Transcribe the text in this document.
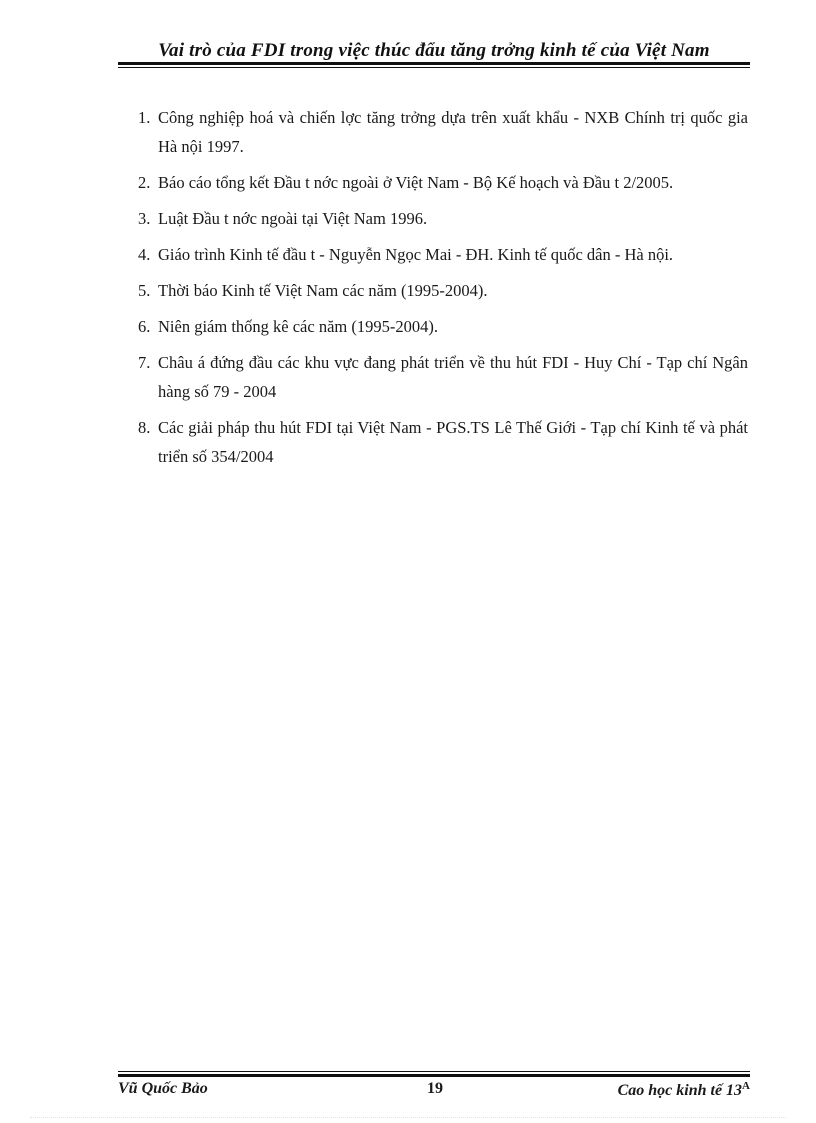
Vai trò của FDI trong việc thúc đẩu tăng trởng kinh tế của Việt Nam
1. Công nghiệp hoá và chiến lợc tăng trởng dựa trên xuất khẩu - NXB Chính trị quốc gia Hà nội 1997.
2. Báo cáo tổng kết Đầu t nớc ngoài ở Việt Nam - Bộ Kế hoạch và Đầu t 2/2005.
3. Luật Đầu t nớc ngoài tại Việt Nam 1996.
4. Giáo trình Kinh tế đầu t - Nguyễn Ngọc Mai - ĐH. Kinh tế quốc dân - Hà nội.
5. Thời báo Kinh tế Việt Nam các năm (1995-2004).
6. Niên giám thống kê các năm (1995-2004).
7. Châu á đứng đầu các khu vực đang phát triển về thu hút FDI - Huy Chí - Tạp chí Ngân hàng số 79 - 2004
8. Các giải pháp thu hút FDI tại Việt Nam - PGS.TS Lê Thế Giới - Tạp chí Kinh tế và phát triển số 354/2004
Vũ Quốc Bảo	19	Cao học kinh tế $13^A$
